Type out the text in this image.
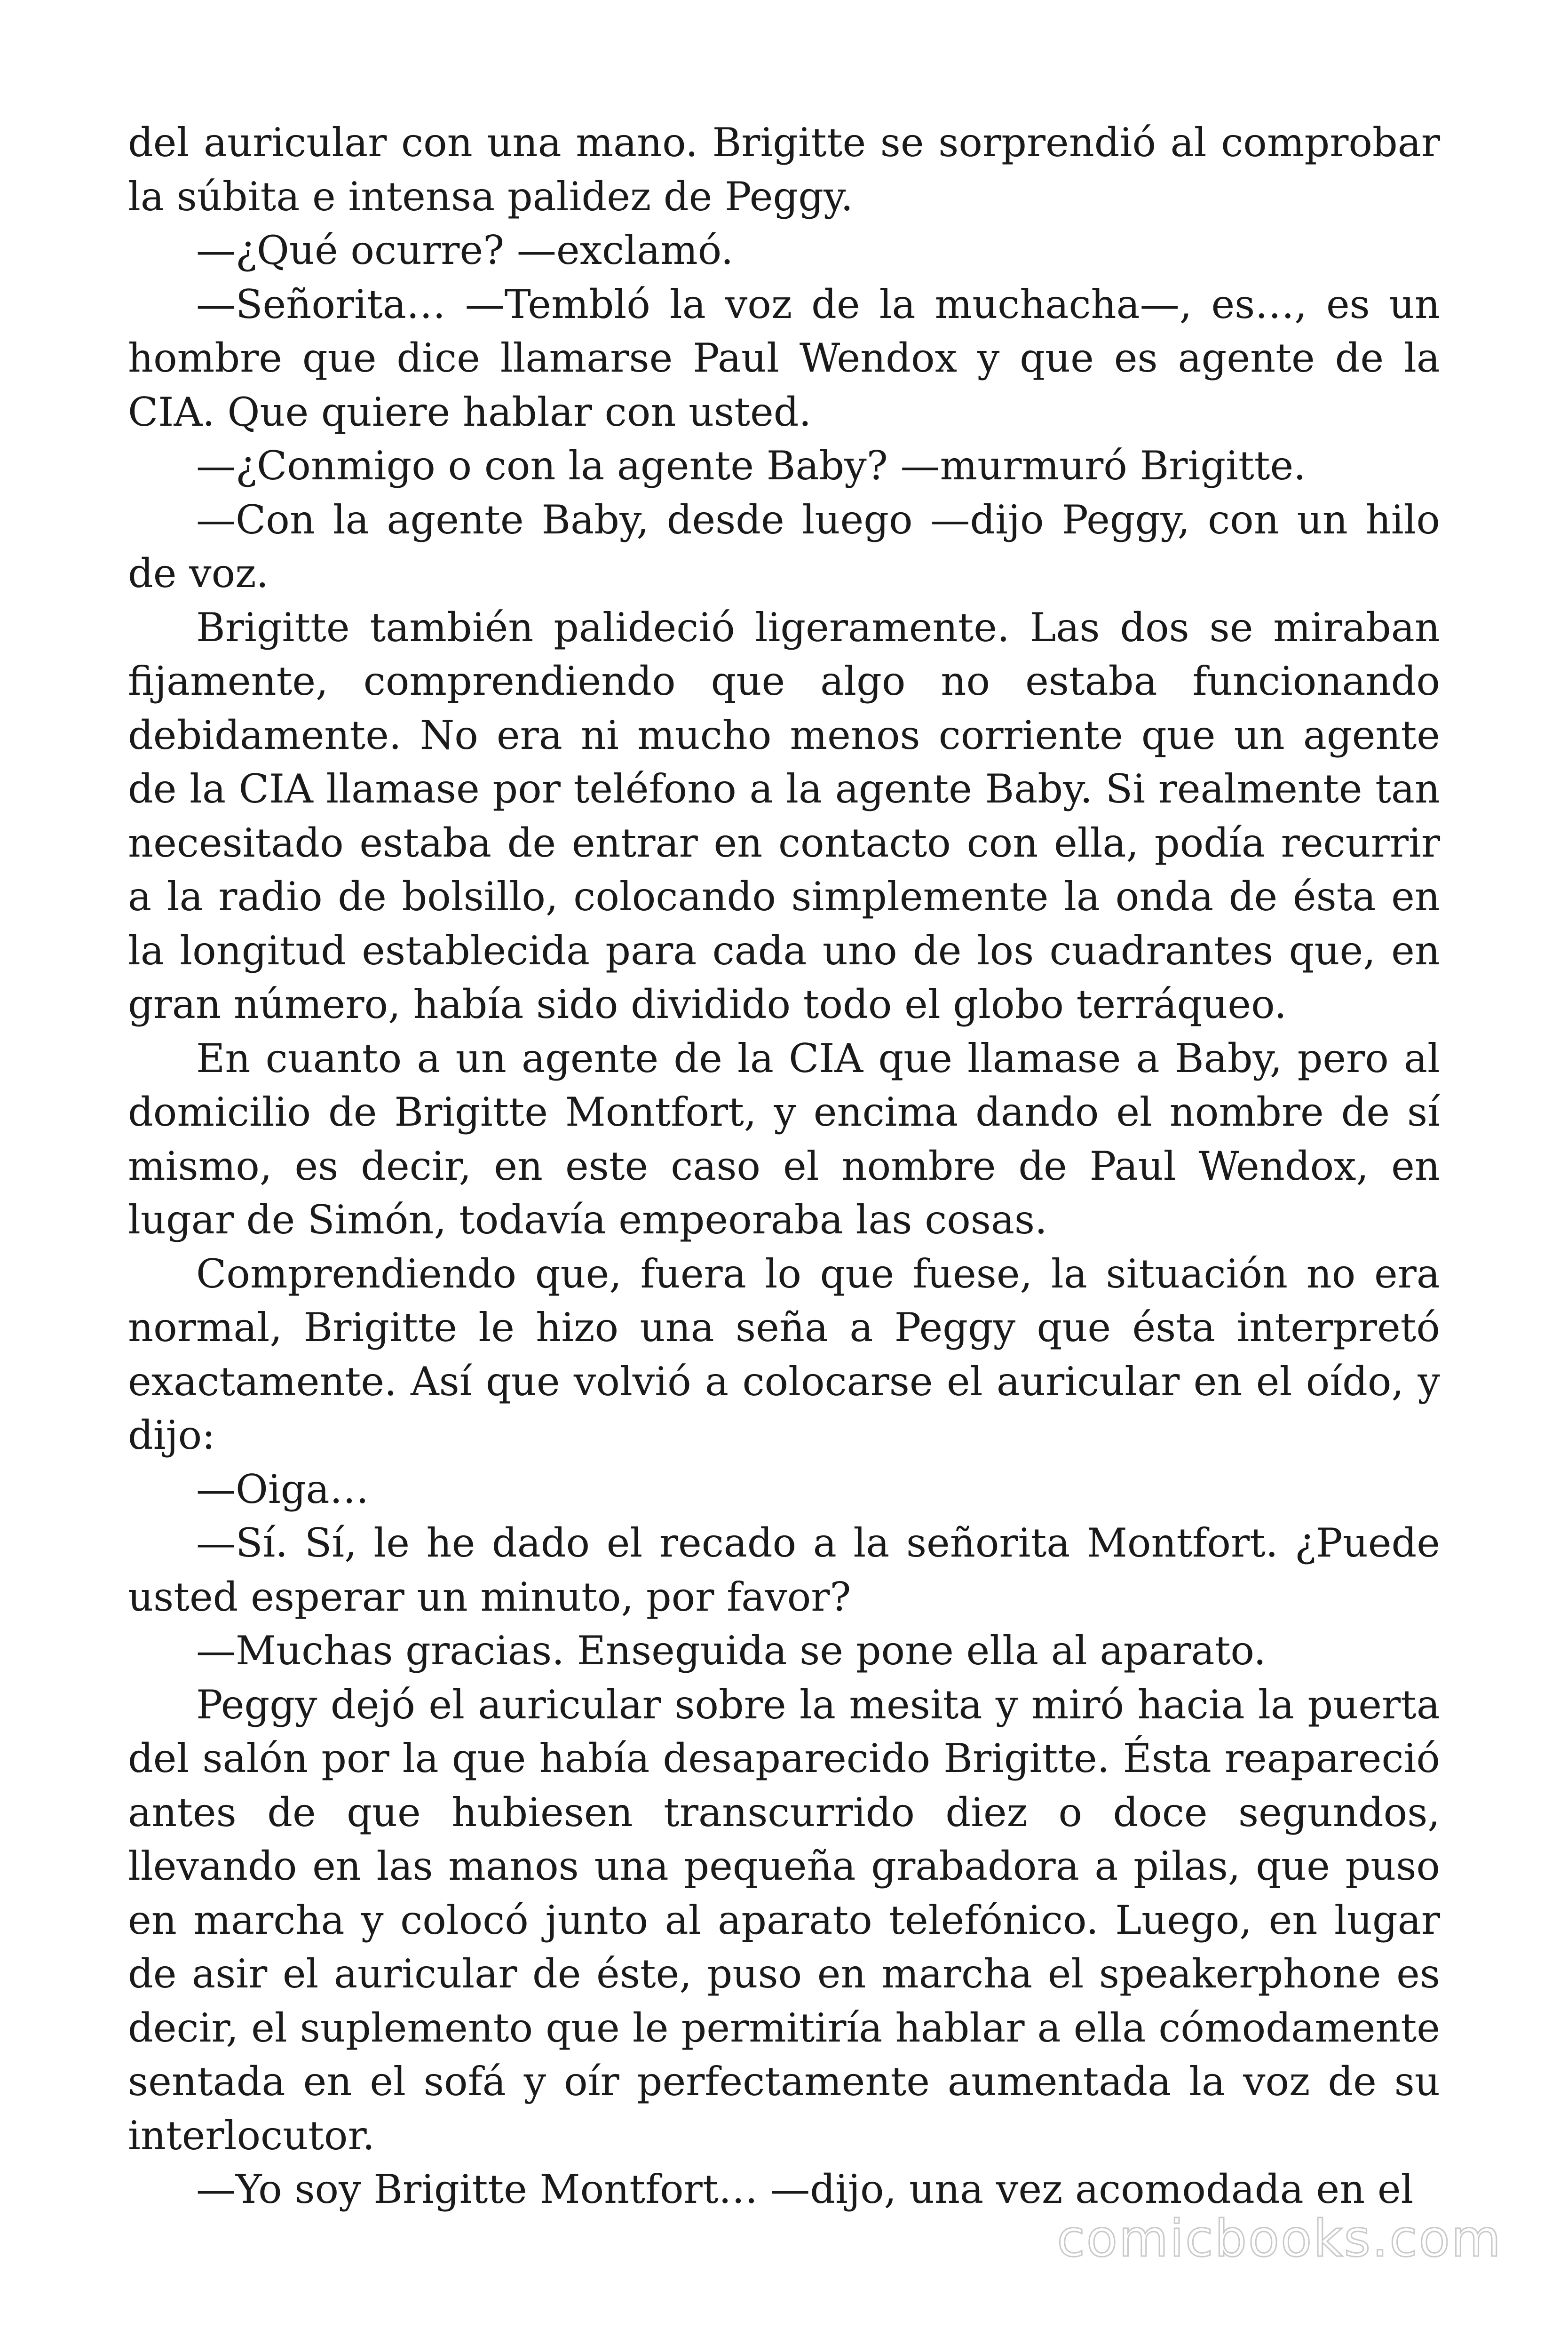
del auricular con una mano. Brigitte se sorprendió al comprobar la súbita e intensa palidez de Peggy.

—¿Qué ocurre? —exclamó.

—Señorita… —Tembló la voz de la muchacha—, es…, es un hombre que dice llamarse Paul Wendox y que es agente de la CIA. Que quiere hablar con usted.

—¿Conmigo o con la agente Baby? —murmuró Brigitte.

—Con la agente Baby, desde luego —dijo Peggy, con un hilo de voz.

Brigitte también palideció ligeramente. Las dos se miraban fijamente, comprendiendo que algo no estaba funcionando debidamente. No era ni mucho menos corriente que un agente de la CIA llamase por teléfono a la agente Baby. Si realmente tan necesitado estaba de entrar en contacto con ella, podía recurrir a la radio de bolsillo, colocando simplemente la onda de ésta en la longitud establecida para cada uno de los cuadrantes que, en gran número, había sido dividido todo el globo terráqueo.

En cuanto a un agente de la CIA que llamase a Baby, pero al domicilio de Brigitte Montfort, y encima dando el nombre de sí mismo, es decir, en este caso el nombre de Paul Wendox, en lugar de Simón, todavía empeoraba las cosas.

Comprendiendo que, fuera lo que fuese, la situación no era normal, Brigitte le hizo una seña a Peggy que ésta interpretó exactamente. Así que volvió a colocarse el auricular en el oído, y dijo:

—Oiga…

—Sí. Sí, le he dado el recado a la señorita Montfort. ¿Puede usted esperar un minuto, por favor?

—Muchas gracias. Enseguida se pone ella al aparato.

Peggy dejó el auricular sobre la mesita y miró hacia la puerta del salón por la que había desaparecido Brigitte. Ésta reapareció antes de que hubiesen transcurrido diez o doce segundos, llevando en las manos una pequeña grabadora a pilas, que puso en marcha y colocó junto al aparato telefónico. Luego, en lugar de asir el auricular de éste, puso en marcha el speakerphone es decir, el suplemento que le permitiría hablar a ella cómodamente sentada en el sofá y oír perfectamente aumentada la voz de su interlocutor.

—Yo soy Brigitte Montfort… —dijo, una vez acomodada en el

comicbooks.com
